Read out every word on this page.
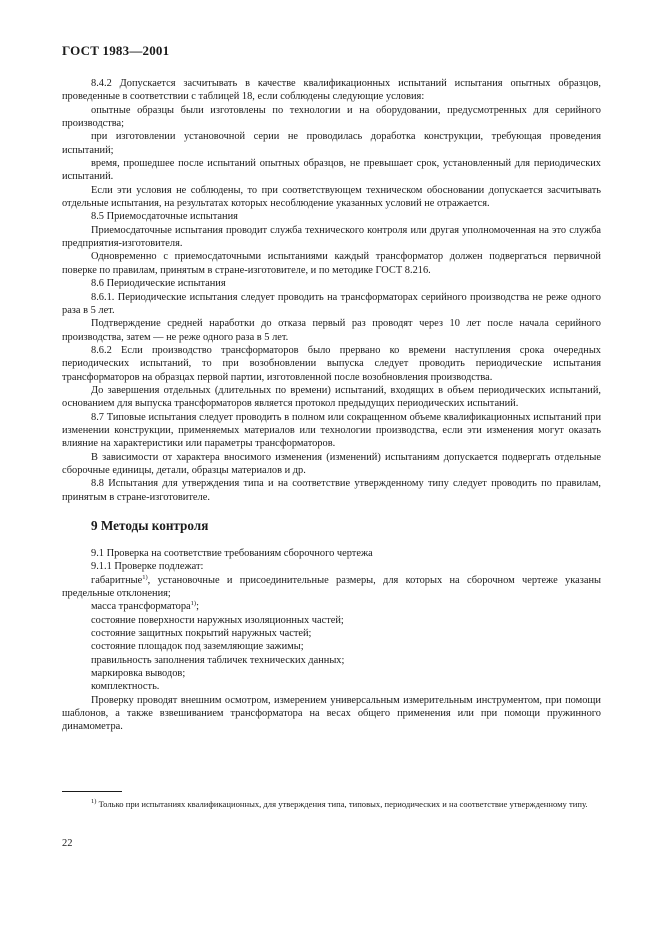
ГОСТ 1983—2001

8.4.2 Допускается засчитывать в качестве квалификационных испытаний испытания опытных образцов, проведенные в соответствии с таблицей 18, если соблюдены следующие условия:

опытные образцы были изготовлены по технологии и на оборудовании, предусмотренных для серийного производства;

при изготовлении установочной серии не проводилась доработка конструкции, требующая проведения испытаний;

время, прошедшее после испытаний опытных образцов, не превышает срок, установленный для периодических испытаний.

Если эти условия не соблюдены, то при соответствующем техническом обосновании допускается засчитывать отдельные испытания, на результатах которых несоблюдение указанных условий не отражается.

8.5 Приемосдаточные испытания

Приемосдаточные испытания проводит служба технического контроля или другая уполномоченная на это служба предприятия-изготовителя.

Одновременно с приемосдаточными испытаниями каждый трансформатор должен подвергаться первичной поверке по правилам, принятым в стране-изготовителе, и по методике ГОСТ 8.216.

8.6 Периодические испытания

8.6.1. Периодические испытания следует проводить на трансформаторах серийного производства не реже одного раза в 5 лет.

Подтверждение средней наработки до отказа первый раз проводят через 10 лет после начала серийного производства, затем — не реже одного раза в 5 лет.

8.6.2 Если производство трансформаторов было прервано ко времени наступления срока очередных периодических испытаний, то при возобновлении выпуска следует проводить периодические испытания трансформаторов на образцах первой партии, изготовленной после возобновления производства.

До завершения отдельных (длительных по времени) испытаний, входящих в объем периодических испытаний, основанием для выпуска трансформаторов является протокол предыдущих периодических испытаний.

8.7 Типовые испытания следует проводить в полном или сокращенном объеме квалификационных испытаний при изменении конструкции, применяемых материалов или технологии производства, если эти изменения могут оказать влияние на характеристики или параметры трансформаторов.

В зависимости от характера вносимого изменения (изменений) испытаниям допускается подвергать отдельные сборочные единицы, детали, образцы материалов и др.

8.8 Испытания для утверждения типа и на соответствие утвержденному типу следует проводить по правилам, принятым в стране-изготовителе.

9 Методы контроля

9.1 Проверка на соответствие требованиям сборочного чертежа

9.1.1 Проверке подлежат:

габаритные$^{1)}$, установочные и присоединительные размеры, для которых на сборочном чертеже указаны предельные отклонения;

масса трансформатора$^{1)}$;

состояние поверхности наружных изоляционных частей;

состояние защитных покрытий наружных частей;

состояние площадок под заземляющие зажимы;

правильность заполнения табличек технических данных;

маркировка выводов;

комплектность.

Проверку проводят внешним осмотром, измерением универсальным измерительным инструментом, при помощи шаблонов, а также взвешиванием трансформатора на весах общего применения или при помощи пружинного динамометра.

$^{1)}$ Только при испытаниях квалификационных, для утверждения типа, типовых, периодических и на соответствие утвержденному типу.

22
